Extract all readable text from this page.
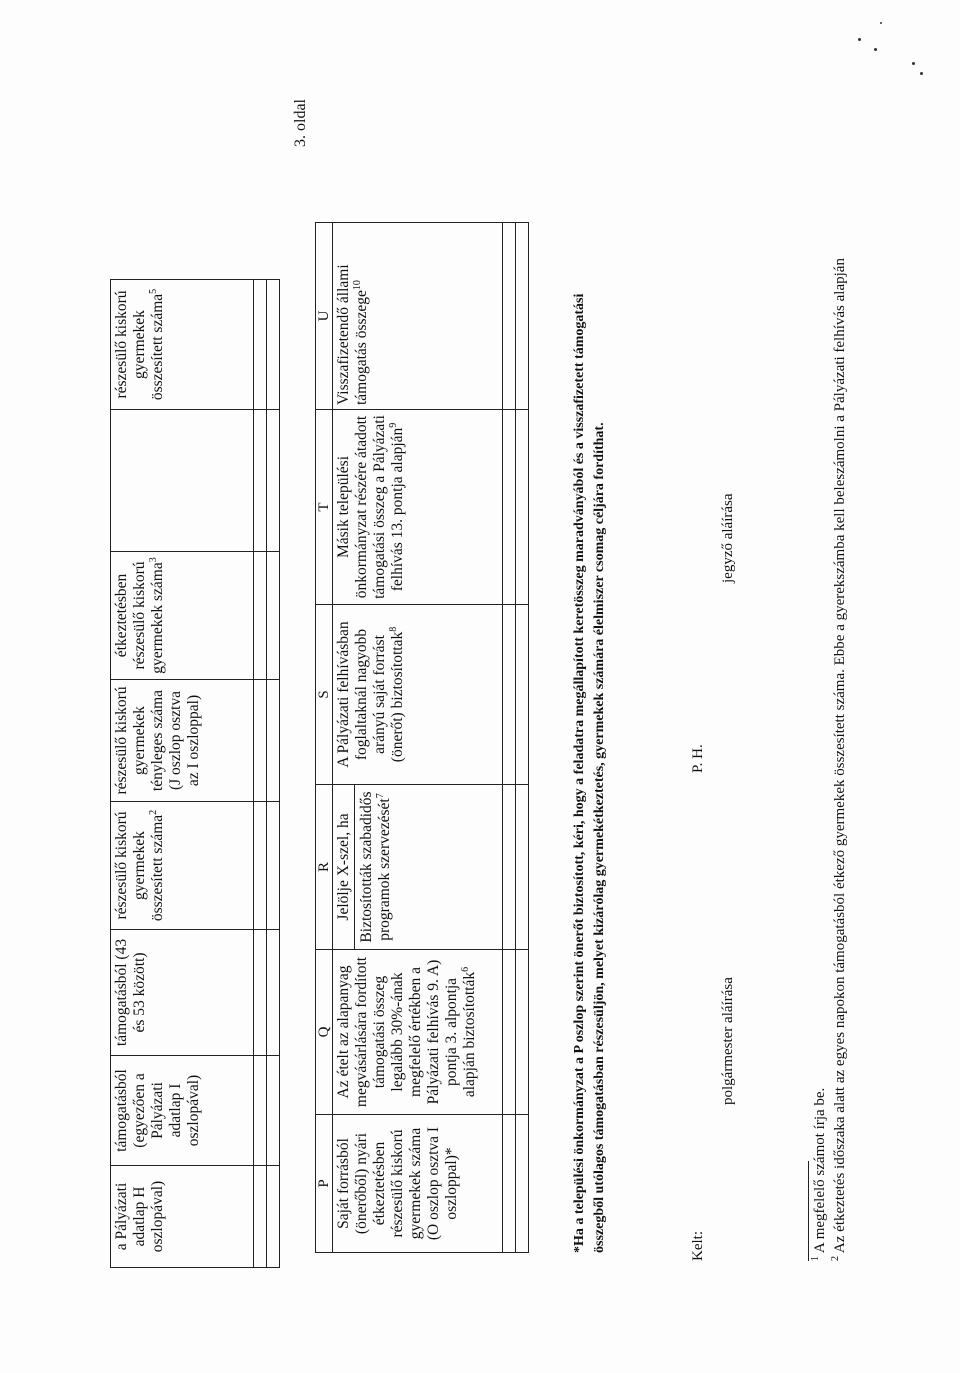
a Pályázati adatlap H oszlopával)	támogatásból (egyezően a Pályázati adatlap I oszlopával)	támogatásból (43 és 53 között)	részesülő kiskorú gyermekek összesített száma$^2$	részesülő kiskorú gyermekek tényleges száma (J oszlop osztva az I oszloppal)	étkeztetésben részesülő kiskorú gyermekek száma$^3$		részesülő kiskorú gyermekek összesített száma$^5$

3. oldal
P	Q	R	S	T	U
Saját forrásból (önerőből) nyári étkeztetésben részesülő kiskorú gyermekek száma (O oszlop osztva I oszloppal)*	Az ételt az alapanyag megvásárlására fordított támogatási összeg legalább 30%-ának megfelelő értékben a Pályázati felhívás 9. A) pontja 3. alpontja alapján biztosították$^6$	Jelölje X-szel, ha Biztosították szabadidős programok szervezését$^7$	A Pályázati felhívásban foglaltaknál nagyobb arányú saját forrást (önerőt) biztosítottak$^8$	Másik települési önkormányzat részére átadott támogatási összeg a Pályázati felhívás 13. pontja alapján$^9$	Visszafizetendő állami támogatás összege$^{10}$

*Ha a települési önkormányzat a P oszlop szerint önerőt biztosított, kéri, hogy a feladatra megállapított keretösszeg maradványából és a visszafizetett támogatási összegből utólagos támogatásban részesüljön, melyet kizárólag gyermekétkeztetés, gyermekek számára élelmiszer csomag céljára fordíthat.	Kelt:
P. H.
polgármester aláírása
jegyző aláírása
$^1$ A megfelelő számot írja be.
$^2$ Az étkeztetés időszaka alatt az egyes napokon támogatásból étkező gyermekek összesített száma. Ebbe a gyerekszámba kell beleszámolni a Pályázati felhívás alapján
